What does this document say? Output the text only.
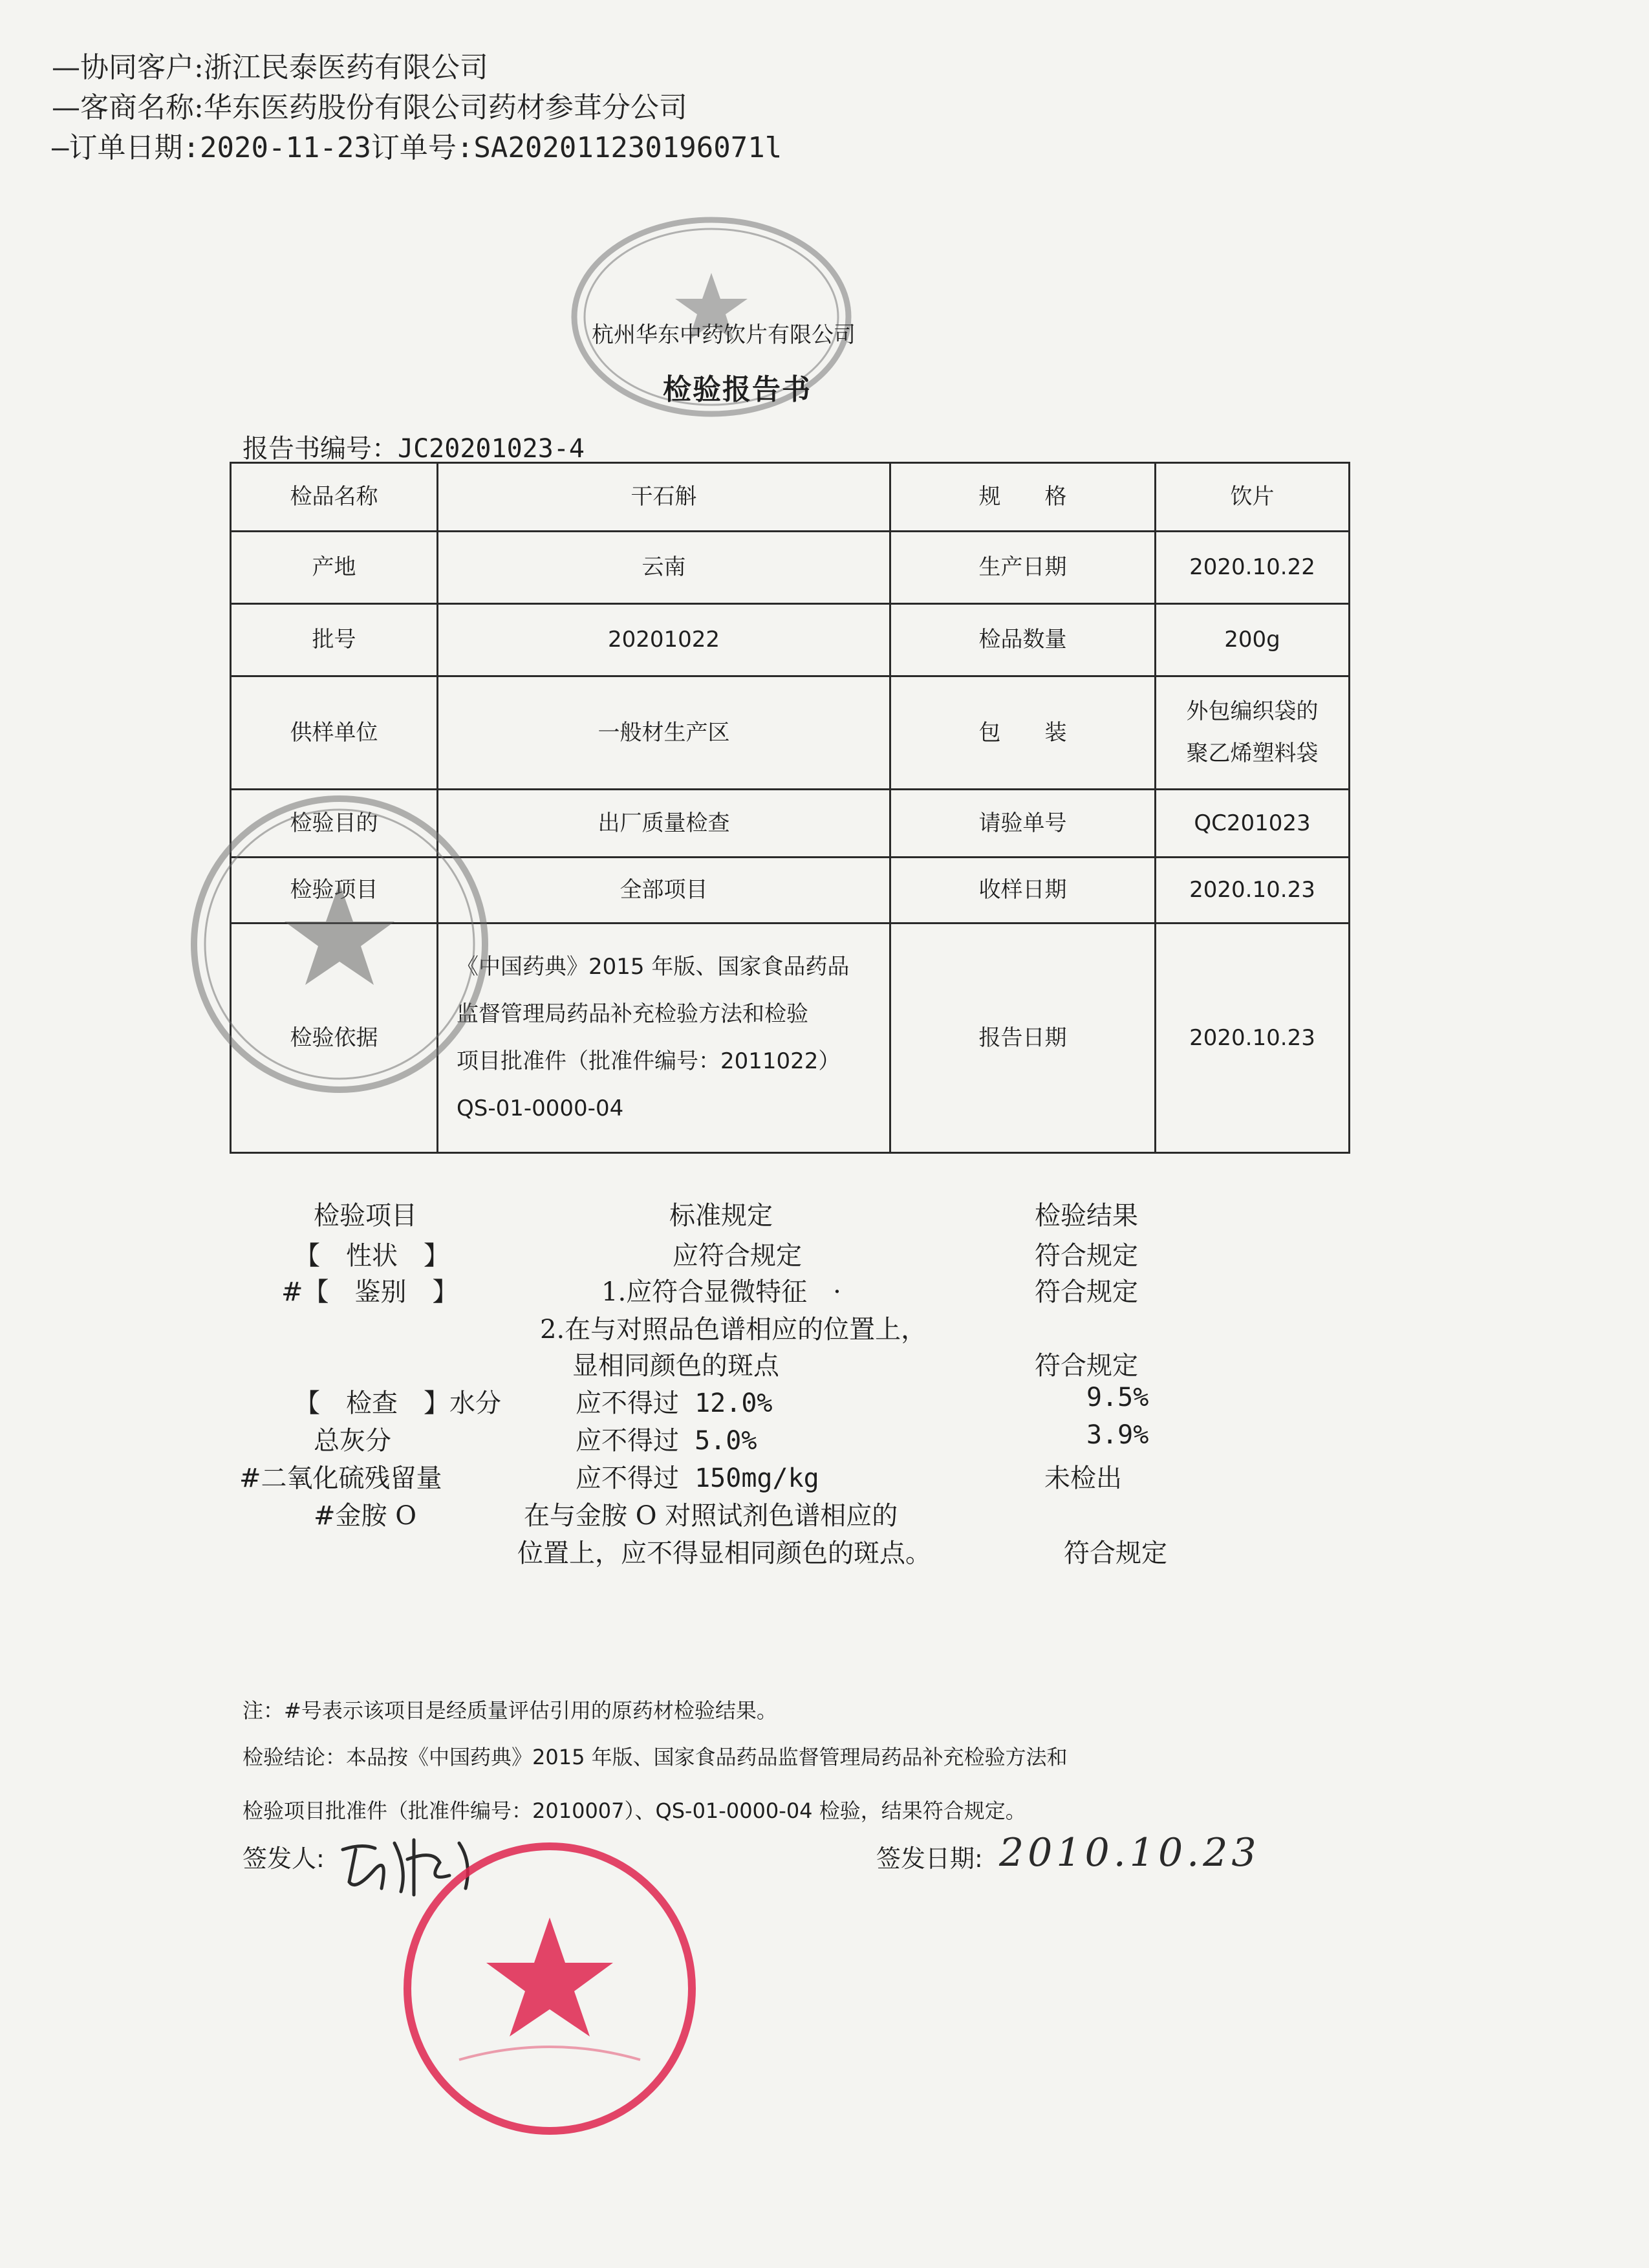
—协同客户:浙江民泰医药有限公司
—客商名称:华东医药股份有限公司药材参茸分公司
—订单日期:2020-11-23订单号:SA202011230196071l
杭州华东中药饮片有限公司
检验报告书
报告书编号：JC20201023-4
检品名称	干石斛	规　　格	饮片
产地	云南	生产日期	2020.10.22
批号	20201022	检品数量	200g
供样单位	一般材生产区	包　　装	外包编织袋的
聚乙烯塑料袋

检验目的	出厂质量检查	请验单号	QC201023
检验项目	全部项目	收样日期	2020.10.23
检验依据	《中国药典》2015 年版、国家食品药品
监督管理局药品补充检验方法和检验
项目批准件（批准件编号：2011022）
QS-01-0000-04	报告日期	2020.10.23
检验项目	标准规定	检验结果
【　性状　】	应符合规定	符合规定
#【　鉴别　】	1.应符合显微特征　·	符合规定
2.在与对照品色谱相应的位置上，
显相同颜色的斑点	符合规定
【　检查　】水分	应不得过 12.0%	9.5%
总灰分	应不得过 5.0%	3.9%
#二氧化硫残留量	应不得过 150mg/kg	未检出
#金胺 O	在与金胺 O 对照试剂色谱相应的
位置上，应不得显相同颜色的斑点。	符合规定
注：#号表示该项目是经质量评估引用的原药材检验结果。
检验结论：本品按《中国药典》2015 年版、国家食品药品监督管理局药品补充检验方法和
检验项目批准件（批准件编号：2010007）、QS-01-0000-04 检验，结果符合规定。
签发人:	签发日期: 2010.10.23
